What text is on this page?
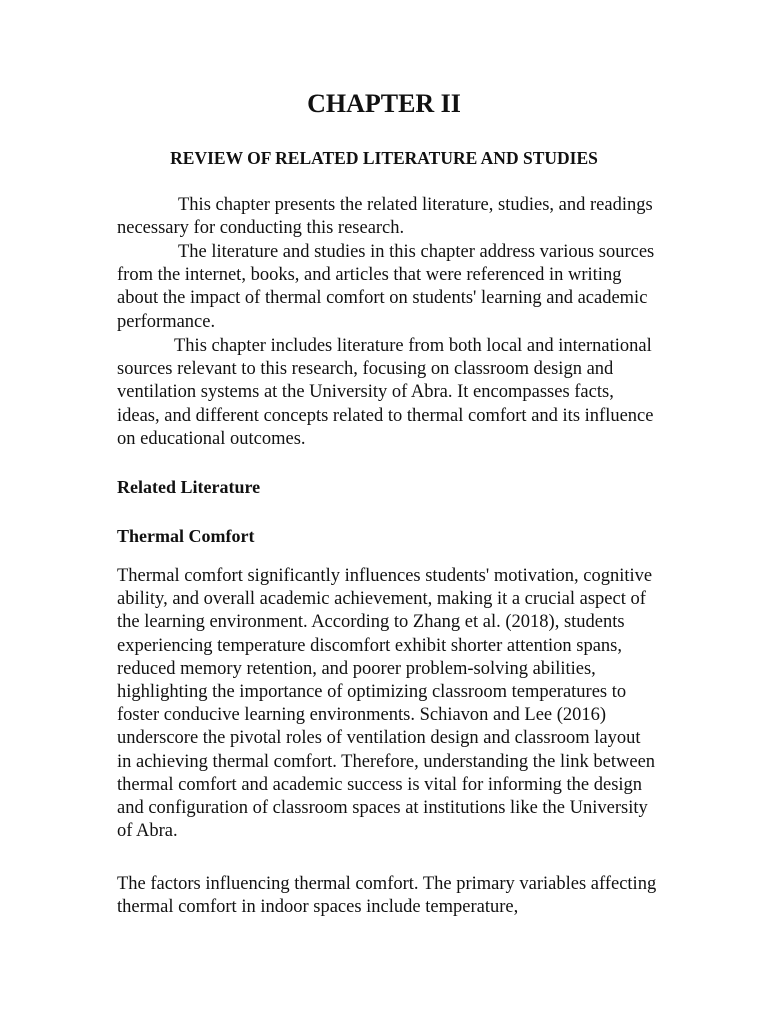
CHAPTER II
REVIEW OF RELATED LITERATURE AND STUDIES

This chapter presents the related literature, studies, and readings necessary for conducting this research.

The literature and studies in this chapter address various sources from the internet, books, and articles that were referenced in writing about the impact of thermal comfort on students' learning and academic performance.

This chapter includes literature from both local and international sources relevant to this research, focusing on classroom design and ventilation systems at the University of Abra. It encompasses facts, ideas, and different concepts related to thermal comfort and its influence on educational outcomes.

Related Literature
Thermal Comfort

Thermal comfort significantly influences students' motivation, cognitive ability, and overall academic achievement, making it a crucial aspect of the learning environment. According to Zhang et al. (2018), students experiencing temperature discomfort exhibit shorter attention spans, reduced memory retention, and poorer problem-solving abilities, highlighting the importance of optimizing classroom temperatures to foster conducive learning environments. Schiavon and Lee (2016) underscore the pivotal roles of ventilation design and classroom layout in achieving thermal comfort. Therefore, understanding the link between thermal comfort and academic success is vital for informing the design and configuration of classroom spaces at institutions like the University of Abra.

The factors influencing thermal comfort. The primary variables affecting thermal comfort in indoor spaces include temperature,
